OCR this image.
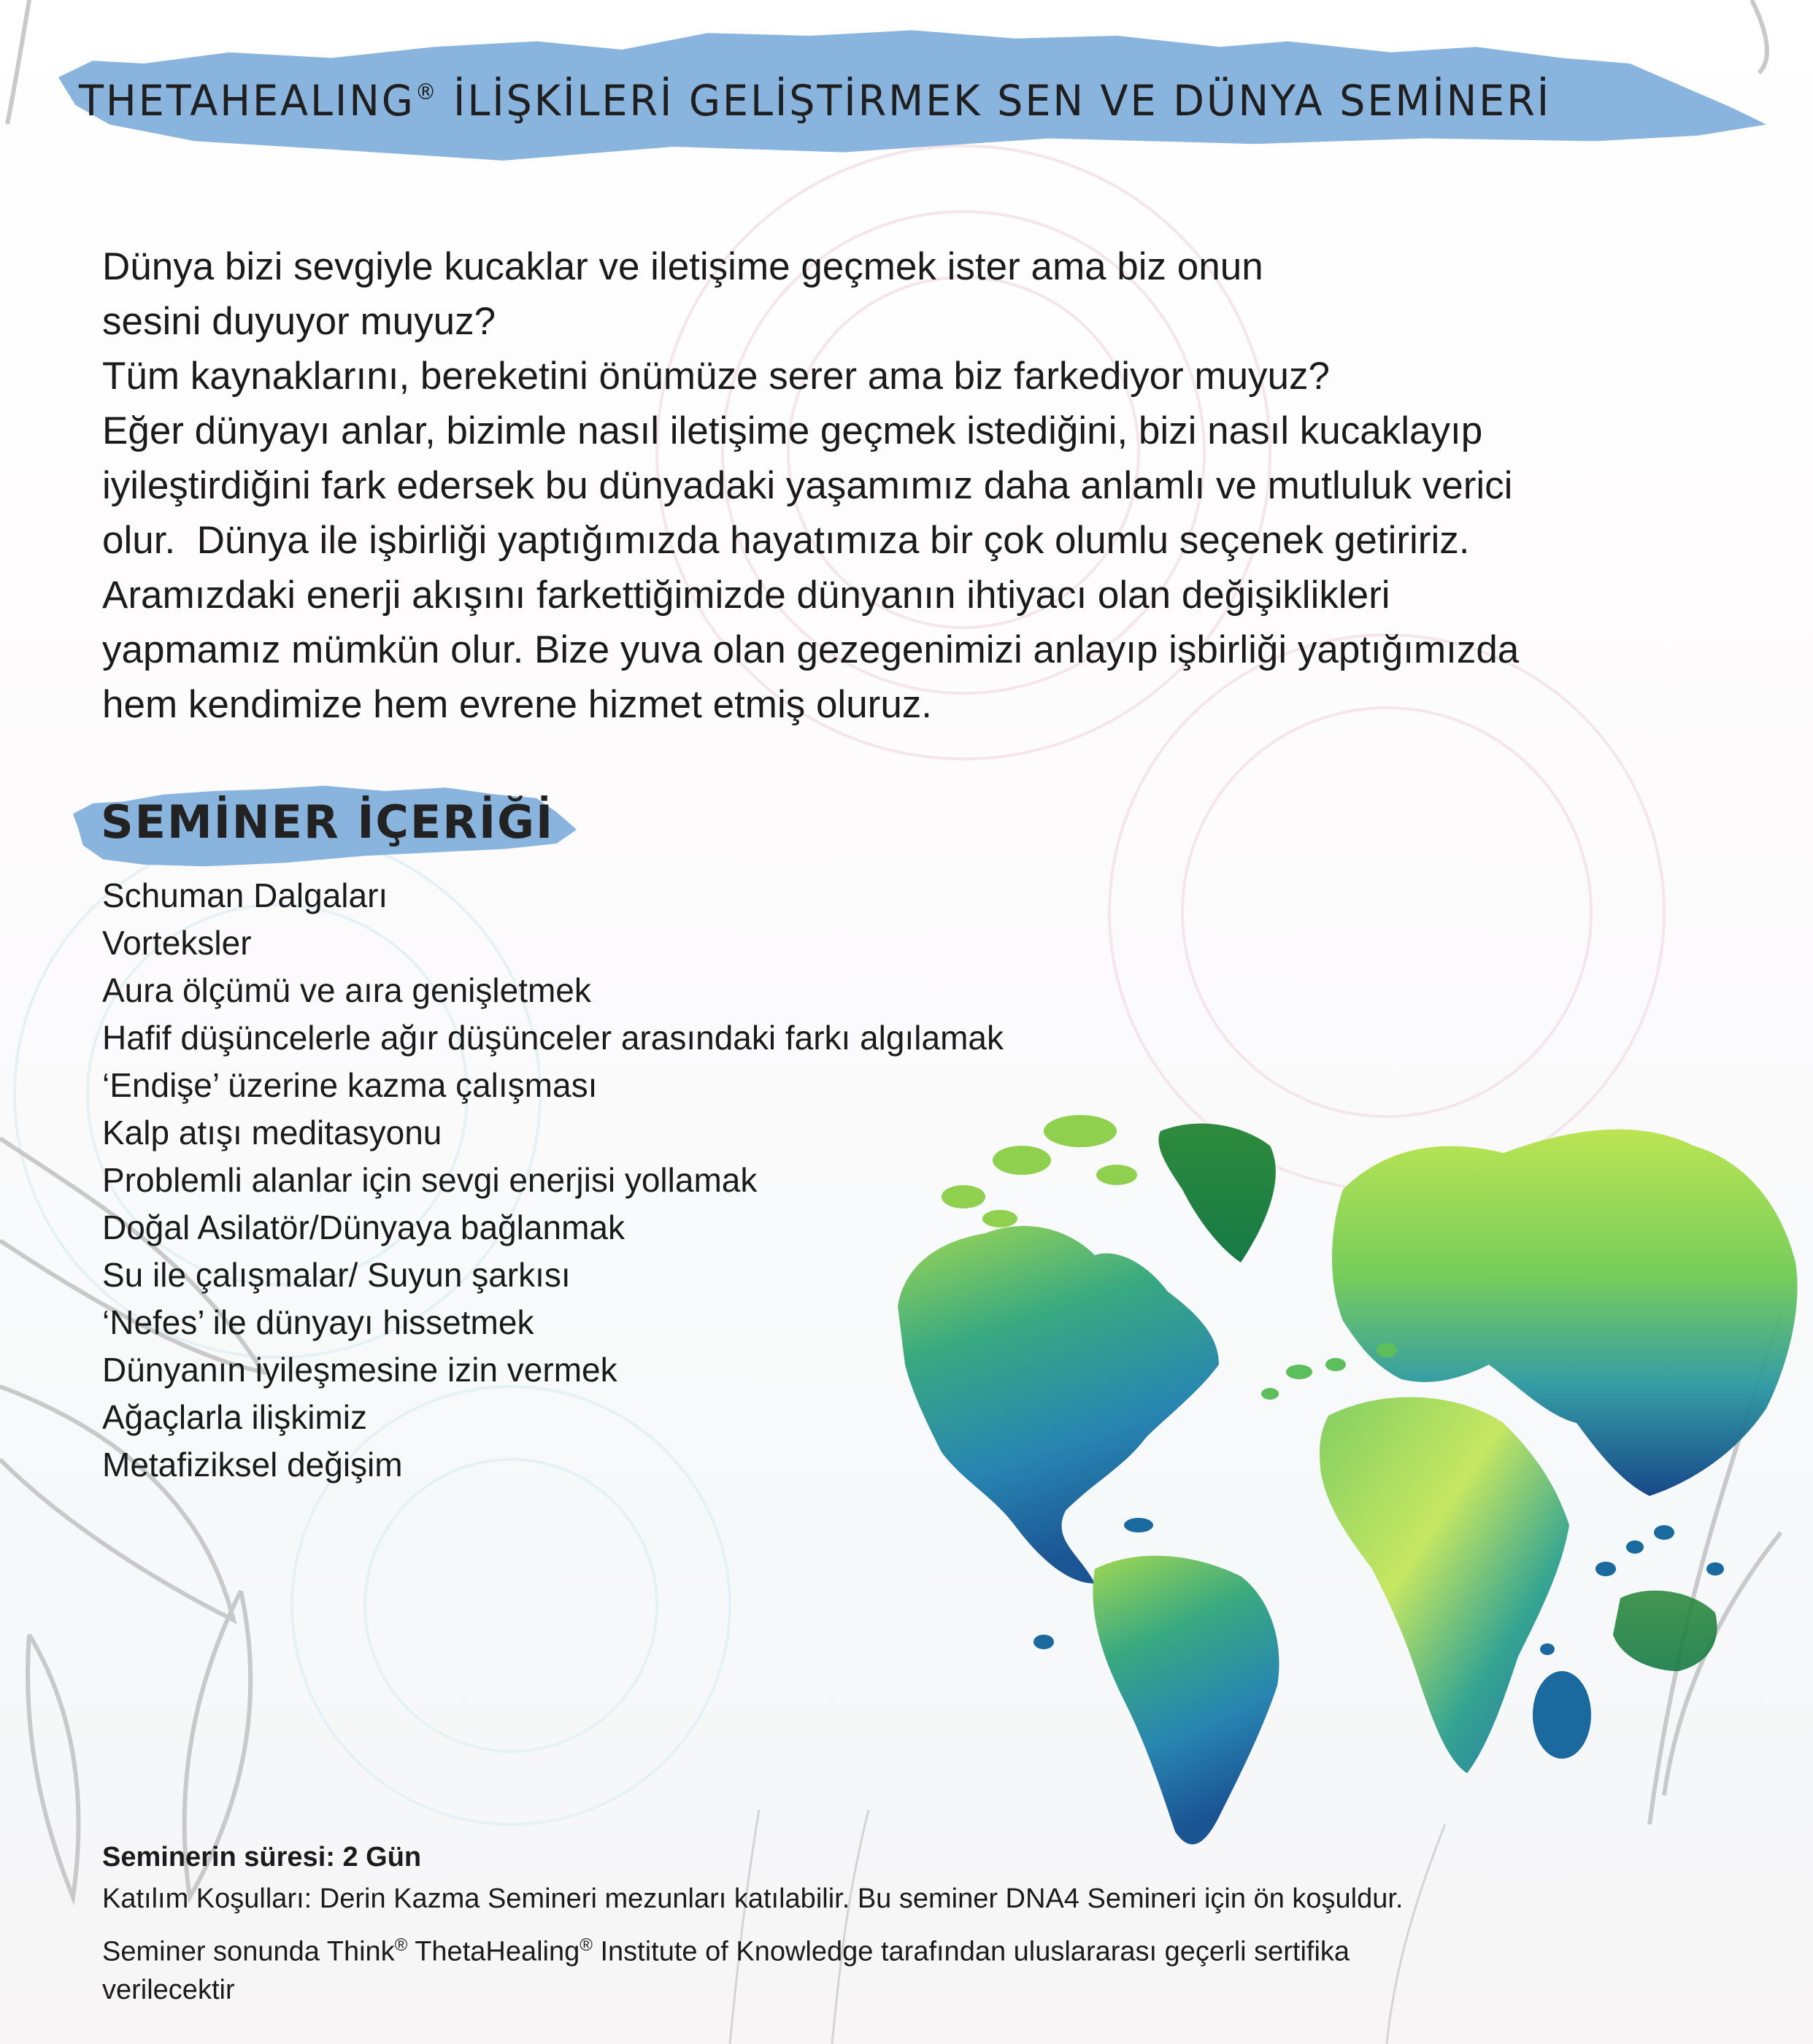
THETAHEALING® İLİŞKİLERİ GELİŞTİRMEK SEN VE DÜNYA SEMİNERİ

Dünya bizi sevgiyle kucaklar ve iletişime geçmek ister ama biz onun

sesini duyuyor muyuz?

Tüm kaynaklarını, bereketini önümüze serer ama biz farkediyor muyuz?

Eğer dünyayı anlar, bizimle nasıl iletişime geçmek istediğini, bizi nasıl kucaklayıp

iyileştirdiğini fark edersek bu dünyadaki yaşamımız daha anlamlı ve mutluluk verici

olur.  Dünya ile işbirliği yaptığımızda hayatımıza bir çok olumlu seçenek getiririz.

Aramızdaki enerji akışını farkettiğimizde dünyanın ihtiyacı olan değişiklikleri

yapmamız mümkün olur. Bize yuva olan gezegenimizi anlayıp işbirliği yaptığımızda

hem kendimize hem evrene hizmet etmiş oluruz.

SEMİNER İÇERİĞİ
Schuman Dalgaları
Vorteksler
Aura ölçümü ve aıra genişletmek
Hafif düşüncelerle ağır düşünceler arasındaki farkı algılamak
‘Endişe’ üzerine kazma çalışması
Kalp atışı meditasyonu
Problemli alanlar için sevgi enerjisi yollamak
Doğal Asilatör/Dünyaya bağlanmak
Su ile çalışmalar/ Suyun şarkısı
‘Nefes’ ile dünyayı hissetmek
Dünyanın iyileşmesine izin vermek
Ağaçlarla ilişkimiz
Metafiziksel değişim
Seminerin süresi: 2 Gün
Katılım Koşulları: Derin Kazma Semineri mezunları katılabilir. Bu seminer DNA4 Semineri için ön koşuldur.
Seminer sonunda Think® ThetaHealing® Institute of Knowledge tarafından uluslararası geçerli sertifika
verilecektir
